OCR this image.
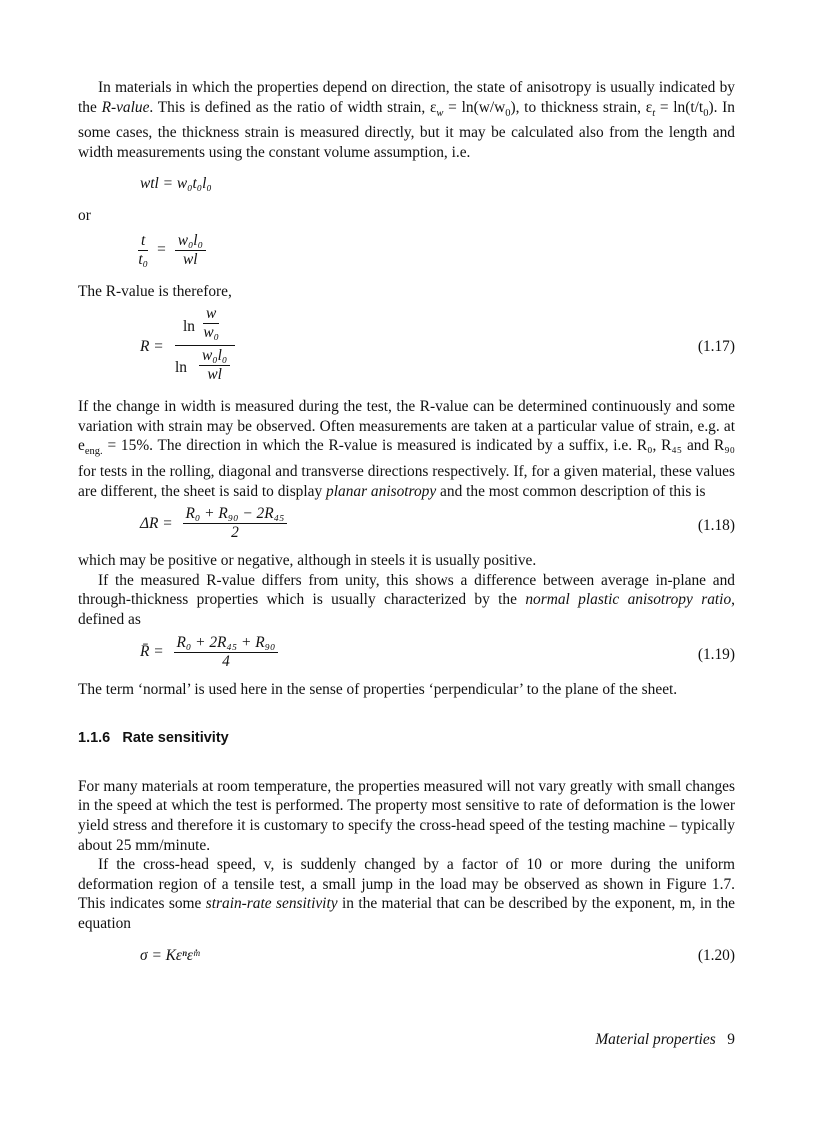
In materials in which the properties depend on direction, the state of anisotropy is usually indicated by the R-value. This is defined as the ratio of width strain, $\varepsilon_w = \ln(w/w_0)$, to thickness strain, $\varepsilon_t = \ln(t/t_0)$. In some cases, the thickness strain is measured directly, but it may be calculated also from the length and width measurements using the constant volume assumption, i.e.

wtl = w₀t₀l₀

or

$\frac{t}{\text{t₀}} = \frac{\text{w₀l₀}}{wl}$

The R-value is therefore,

R =
$\ln \frac{w}{\text{w₀}}$
$\ln \frac{\text{w₀l₀}}{wl}$
(1.17)

If the change in width is measured during the test, the R-value can be determined continuously and some variation with strain may be observed. Often measurements are taken at a particular value of strain, e.g. at $e_{eng.} = 15\%$. The direction in which the R-value is measured is indicated by a suffix, i.e. R₀, R₄₅ and R₉₀ for tests in the rolling, diagonal and transverse directions respectively. If, for a given material, these values are different, the sheet is said to display planar anisotropy and the most common description of this is

$\Delta R = \frac{\text{R₀ + R₉₀ − 2R₄₅}}{2}$	(1.18)

which may be positive or negative, although in steels it is usually positive.

If the measured R-value differs from unity, this shows a difference between average in-plane and through-thickness properties which is usually characterized by the normal plastic anisotropy ratio, defined as

R̄ = $\frac{\text{R₀ + 2R₄₅ + R₉₀}}{4}$	(1.19)

The term ‘normal’ is used here in the sense of properties ‘perpendicular’ to the plane of the sheet.

1.1.6 Rate sensitivity

For many materials at room temperature, the properties measured will not vary greatly with small changes in the speed at which the test is performed. The property most sensitive to rate of deformation is the lower yield stress and therefore it is customary to specify the cross-head speed of the testing machine – typically about 25 mm/minute.

If the cross-head speed, v, is suddenly changed by a factor of 10 or more during the uniform deformation region of a tensile test, a small jump in the load may be observed as shown in Figure 1.7. This indicates some strain-rate sensitivity in the material that can be described by the exponent, m, in the equation

σ = Kεⁿε̇ᵐ	(1.20)
Material properties 9
